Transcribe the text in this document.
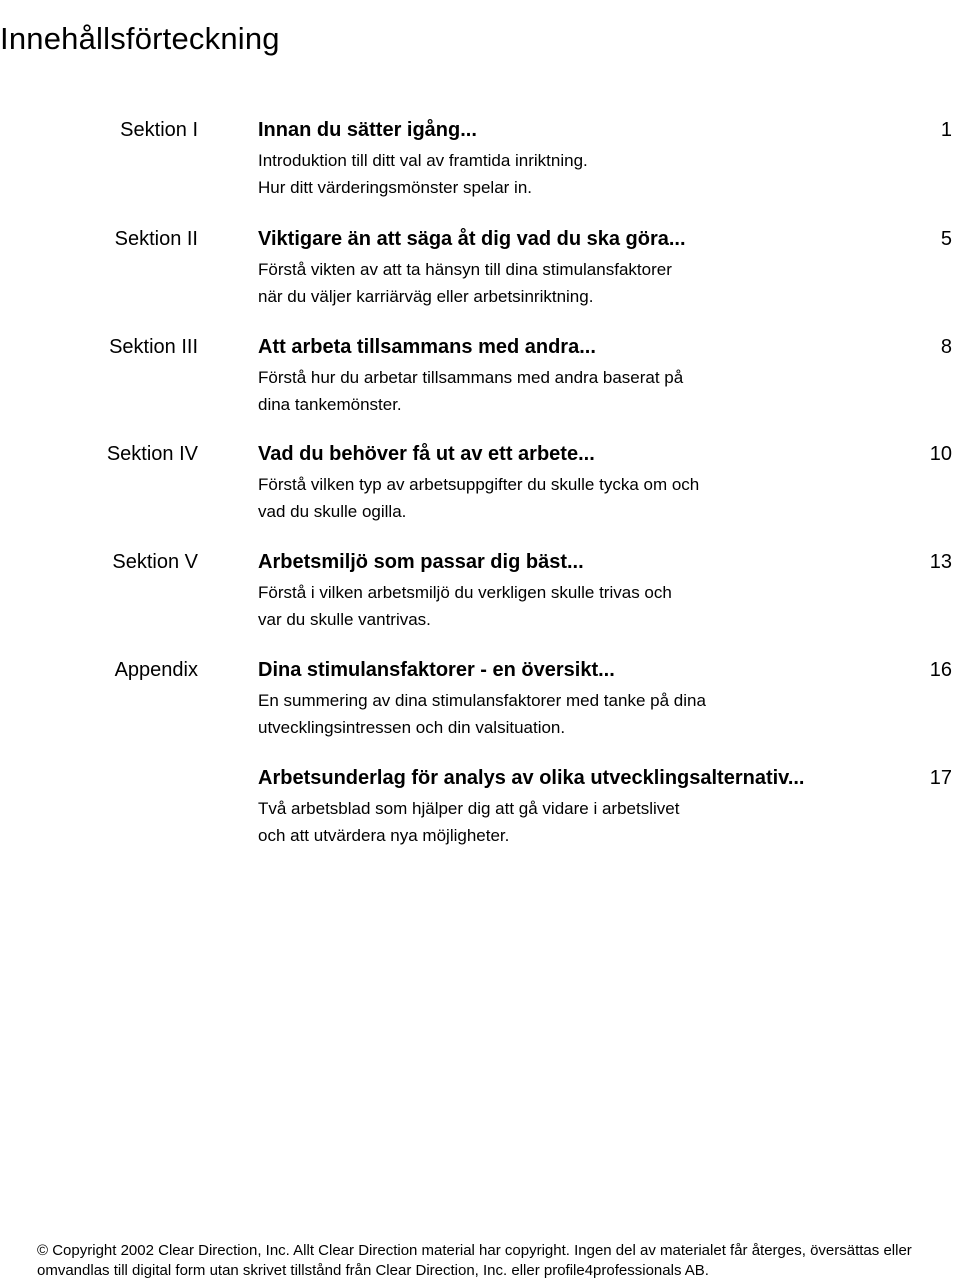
Innehållsförteckning
Sektion I	Innan du sätter igång...	1
Introduktion till ditt val av framtida inriktning.
Hur ditt värderingsmönster spelar in.
Sektion II	Viktigare än att säga åt dig vad du ska göra...	5
Förstå vikten av att ta hänsyn till dina stimulansfaktorer
när du väljer karriärväg eller arbetsinriktning.
Sektion III	Att arbeta tillsammans med andra...	8
Förstå hur du arbetar tillsammans med andra baserat på
dina tankemönster.
Sektion IV	Vad du behöver få ut av ett arbete...	10
Förstå vilken typ av arbetsuppgifter du skulle tycka om och
vad du skulle ogilla.
Sektion V	Arbetsmiljö som passar dig bäst...	13
Förstå i vilken arbetsmiljö du verkligen skulle trivas och
var du skulle vantrivas.
Appendix	Dina stimulansfaktorer - en översikt...	16
En summering av dina stimulansfaktorer med tanke på dina
utvecklingsintressen och din valsituation.
Arbetsunderlag för analys av olika utvecklingsalternativ...	17
Två arbetsblad som hjälper dig att gå vidare i arbetslivet
och att utvärdera nya möjligheter.
© Copyright 2002 Clear Direction, Inc. Allt Clear Direction material har copyright. Ingen del av materialet får återges, översättas eller
omvandlas till digital form utan skrivet tillstånd från Clear Direction, Inc. eller profile4professionals AB.
